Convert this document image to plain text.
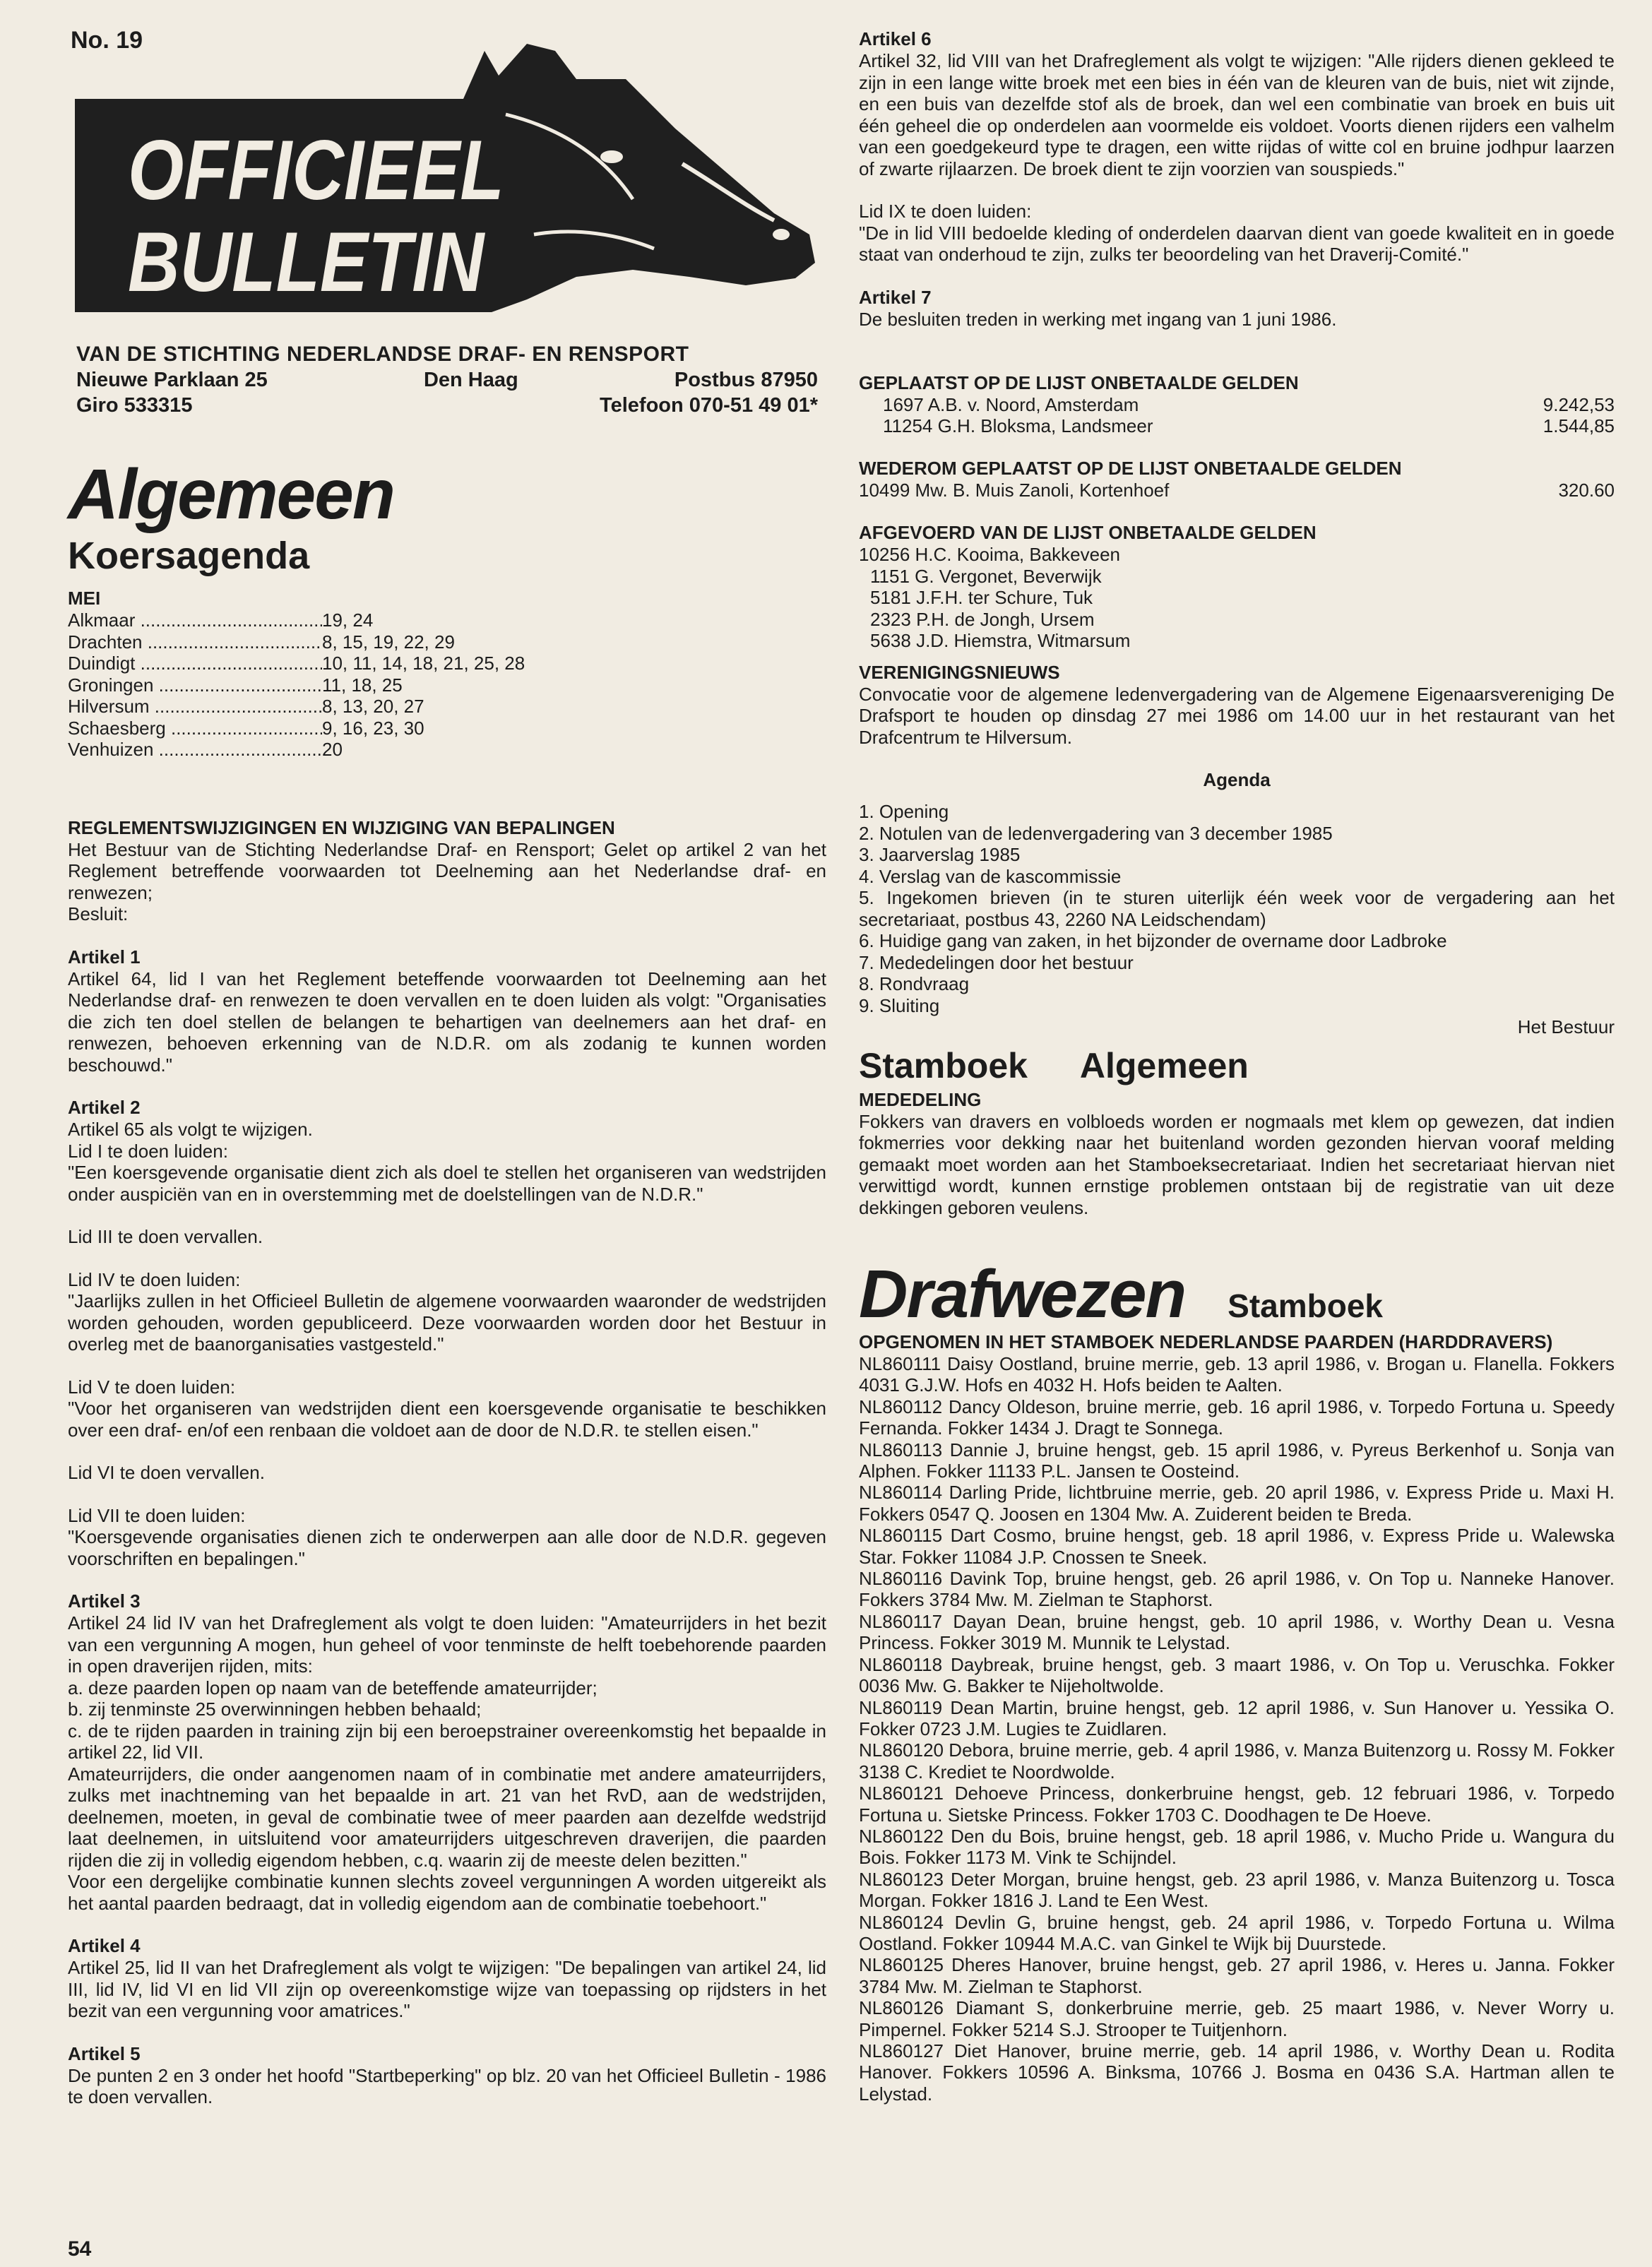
OFFICIEEL
BULLETIN
No. 19
VAN DE STICHTING NEDERLANDSE DRAF- EN RENSPORT
Nieuwe Parklaan 25	Den Haag	Postbus 87950
Giro 533315	Telefoon 070-51 49 01*
Algemeen
Koersagenda
MEI
Alkmaar .....	19, 24
Drachten .....	8, 15, 19, 22, 29
Duindigt .....	10, 11, 14, 18, 21, 25, 28
Groningen .....	11, 18, 25
Hilversum .....	8, 13, 20, 27
Schaesberg .....	9, 16, 23, 30
Venhuizen .....	20
REGLEMENTSWIJZIGINGEN EN WIJZIGING VAN BEPALINGEN

Het Bestuur van de Stichting Nederlandse Draf- en Rensport; Gelet op artikel 2 van het Reglement betreffende voorwaarden tot Deelneming aan het Nederlandse draf- en renwezen;

Besluit:

Artikel 1

Artikel 64, lid I van het Reglement beteffende voorwaarden tot Deelneming aan het Nederlandse draf- en renwezen te doen vervallen en te doen luiden als volgt: "Organisaties die zich ten doel stellen de belangen te behartigen van deelnemers aan het draf- en renwezen, behoeven erkenning van de N.D.R. om als zodanig te kunnen worden beschouwd."

Artikel 2

Artikel 65 als volgt te wijzigen.

Lid I te doen luiden:

"Een koersgevende organisatie dient zich als doel te stellen het organiseren van wedstrijden onder auspiciën van en in overstemming met de doelstellingen van de N.D.R."

Lid III te doen vervallen.

Lid IV te doen luiden:

"Jaarlijks zullen in het Officieel Bulletin de algemene voorwaarden waaronder de wedstrijden worden gehouden, worden gepubliceerd. Deze voorwaarden worden door het Bestuur in overleg met de baanorganisaties vastgesteld."

Lid V te doen luiden:

"Voor het organiseren van wedstrijden dient een koersgevende organisatie te beschikken over een draf- en/of een renbaan die voldoet aan de door de N.D.R. te stellen eisen."

Lid VI te doen vervallen.

Lid VII te doen luiden:

"Koersgevende organisaties dienen zich te onderwerpen aan alle door de N.D.R. gegeven voorschriften en bepalingen."

Artikel 3

Artikel 24 lid IV van het Drafreglement als volgt te doen luiden: "Amateurrijders in het bezit van een vergunning A mogen, hun geheel of voor tenminste de helft toebehorende paarden in open draverijen rijden, mits:

a. deze paarden lopen op naam van de beteffende amateurrijder;

b. zij tenminste 25 overwinningen hebben behaald;

c. de te rijden paarden in training zijn bij een beroepstrainer overeenkomstig het bepaalde in artikel 22, lid VII.

Amateurrijders, die onder aangenomen naam of in combinatie met andere amateurrijders, zulks met inachtneming van het bepaalde in art. 21 van het RvD, aan de wedstrijden, deelnemen, moeten, in geval de combinatie twee of meer paarden aan dezelfde wedstrijd laat deelnemen, in uitsluitend voor amateurrijders uitgeschreven draverijen, die paarden rijden die zij in volledig eigendom hebben, c.q. waarin zij de meeste delen bezitten."

Voor een dergelijke combinatie kunnen slechts zoveel vergunningen A worden uitgereikt als het aantal paarden bedraagt, dat in volledig eigendom aan de combinatie toebehoort."

Artikel 4

Artikel 25, lid II van het Drafreglement als volgt te wijzigen: "De bepalingen van artikel 24, lid III, lid IV, lid VI en lid VII zijn op overeenkomstige wijze van toepassing op rijdsters in het bezit van een vergunning voor amatrices."

Artikel 5

De punten 2 en 3 onder het hoofd "Startbeperking" op blz. 20 van het Officieel Bulletin - 1986 te doen vervallen.

54
Artikel 6

Artikel 32, lid VIII van het Drafreglement als volgt te wijzigen: "Alle rijders dienen gekleed te zijn in een lange witte broek met een bies in één van de kleuren van de buis, niet wit zijnde, en een buis van dezelfde stof als de broek, dan wel een combinatie van broek en buis uit één geheel die op onderdelen aan voormelde eis voldoet. Voorts dienen rijders een valhelm van een goedgekeurd type te dragen, een witte rijdas of witte col en bruine jodhpur laarzen of zwarte rijlaarzen. De broek dient te zijn voorzien van souspieds."

Lid IX te doen luiden:

"De in lid VIII bedoelde kleding of onderdelen daarvan dient van goede kwaliteit en in goede staat van onderhoud te zijn, zulks ter beoordeling van het Draverij-Comité."

Artikel 7

De besluiten treden in werking met ingang van 1 juni 1986.

GEPLAATST OP DE LIJST ONBETAALDE GELDEN
1697 A.B. v. Noord, Amsterdam	9.242,53
11254 G.H. Bloksma, Landsmeer	1.544,85
WEDEROM GEPLAATST OP DE LIJST ONBETAALDE GELDEN
10499 Mw. B. Muis Zanoli, Kortenhoef	320.60
AFGEVOERD VAN DE LIJST ONBETAALDE GELDEN
10256 H.C. Kooima, Bakkeveen
1151 G. Vergonet, Beverwijk
5181 J.F.H. ter Schure, Tuk
2323 P.H. de Jongh, Ursem
5638 J.D. Hiemstra, Witmarsum
VERENIGINGSNIEUWS

Convocatie voor de algemene ledenvergadering van de Algemene Eigenaarsvereniging De Drafsport te houden op dinsdag 27 mei 1986 om 14.00 uur in het restaurant van het Drafcentrum te Hilversum.

Agenda
1. Opening
2. Notulen van de ledenvergadering van 3 december 1985
3. Jaarverslag 1985
4. Verslag van de kascommissie
5. Ingekomen brieven (in te sturen uiterlijk één week voor de vergadering aan het secretariaat, postbus 43, 2260 NA Leidschendam)
6. Huidige gang van zaken, in het bijzonder de overname door Ladbroke
7. Mededelingen door het bestuur
8. Rondvraag
9. Sluiting

Het Bestuur

Stamboek Algemeen
MEDEDELING

Fokkers van dravers en volbloeds worden er nogmaals met klem op gewezen, dat indien fokmerries voor dekking naar het buitenland worden gezonden hiervan vooraf melding gemaakt moet worden aan het Stamboeksecretariaat. Indien het secretariaat hiervan niet verwittigd wordt, kunnen ernstige problemen ontstaan bij de registratie van uit deze dekkingen geboren veulens.

Drafwezen Stamboek
OPGENOMEN IN HET STAMBOEK NEDERLANDSE PAARDEN (HARDDRAVERS)
NL860111 Daisy Oostland, bruine merrie, geb. 13 april 1986, v. Brogan u. Flanella. Fokkers 4031 G.J.W. Hofs en 4032 H. Hofs beiden te Aalten.
NL860112 Dancy Oldeson, bruine merrie, geb. 16 april 1986, v. Torpedo Fortuna u. Speedy Fernanda. Fokker 1434 J. Dragt te Sonnega.
NL860113 Dannie J, bruine hengst, geb. 15 april 1986, v. Pyreus Berkenhof u. Sonja van Alphen. Fokker 11133 P.L. Jansen te Oosteind.
NL860114 Darling Pride, lichtbruine merrie, geb. 20 april 1986, v. Express Pride u. Maxi H. Fokkers 0547 Q. Joosen en 1304 Mw. A. Zuiderent beiden te Breda.
NL860115 Dart Cosmo, bruine hengst, geb. 18 april 1986, v. Express Pride u. Walewska Star. Fokker 11084 J.P. Cnossen te Sneek.
NL860116 Davink Top, bruine hengst, geb. 26 april 1986, v. On Top u. Nanneke Hanover. Fokkers 3784 Mw. M. Zielman te Staphorst.
NL860117 Dayan Dean, bruine hengst, geb. 10 april 1986, v. Worthy Dean u. Vesna Princess. Fokker 3019 M. Munnik te Lelystad.
NL860118 Daybreak, bruine hengst, geb. 3 maart 1986, v. On Top u. Veruschka. Fokker 0036 Mw. G. Bakker te Nijeholtwolde.
NL860119 Dean Martin, bruine hengst, geb. 12 april 1986, v. Sun Hanover u. Yessika O. Fokker 0723 J.M. Lugies te Zuidlaren.
NL860120 Debora, bruine merrie, geb. 4 april 1986, v. Manza Buitenzorg u. Rossy M. Fokker 3138 C. Krediet te Noordwolde.
NL860121 Dehoeve Princess, donkerbruine hengst, geb. 12 februari 1986, v. Torpedo Fortuna u. Sietske Princess. Fokker 1703 C. Doodhagen te De Hoeve.
NL860122 Den du Bois, bruine hengst, geb. 18 april 1986, v. Mucho Pride u. Wangura du Bois. Fokker 1173 M. Vink te Schijndel.
NL860123 Deter Morgan, bruine hengst, geb. 23 april 1986, v. Manza Buitenzorg u. Tosca Morgan. Fokker 1816 J. Land te Een West.
NL860124 Devlin G, bruine hengst, geb. 24 april 1986, v. Torpedo Fortuna u. Wilma Oostland. Fokker 10944 M.A.C. van Ginkel te Wijk bij Duurstede.
NL860125 Dheres Hanover, bruine hengst, geb. 27 april 1986, v. Heres u. Janna. Fokker 3784 Mw. M. Zielman te Staphorst.
NL860126 Diamant S, donkerbruine merrie, geb. 25 maart 1986, v. Never Worry u. Pimpernel. Fokker 5214 S.J. Strooper te Tuitjenhorn.
NL860127 Diet Hanover, bruine merrie, geb. 14 april 1986, v. Worthy Dean u. Rodita Hanover. Fokkers 10596 A. Binksma, 10766 J. Bosma en 0436 S.A. Hartman allen te Lelystad.
